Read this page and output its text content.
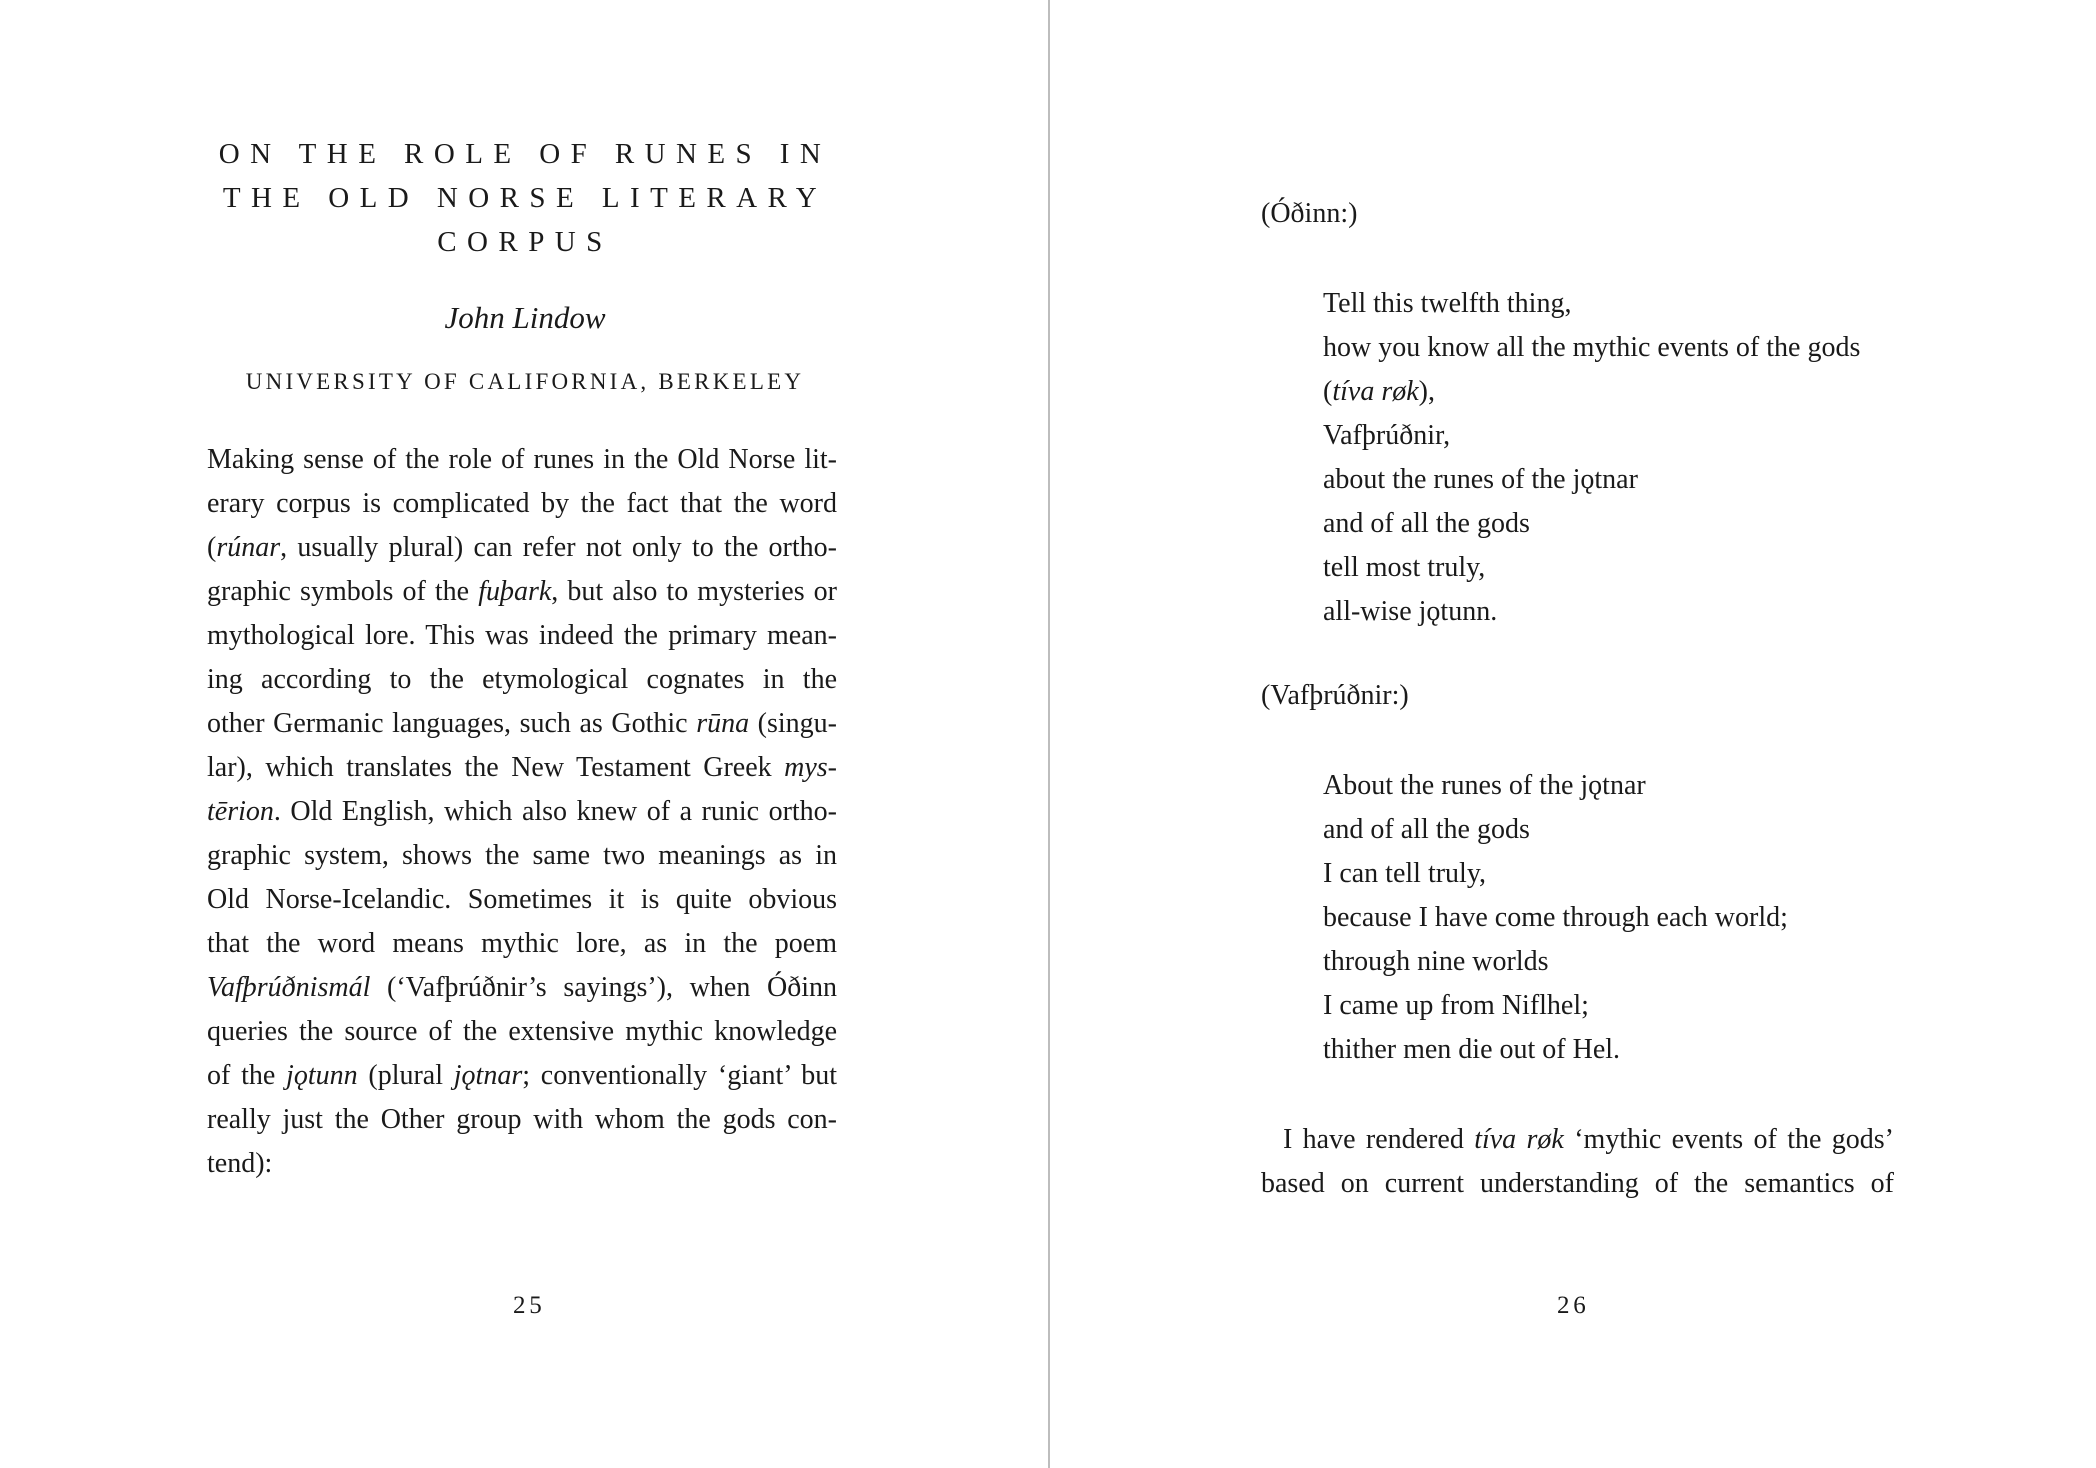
ON THE ROLE OF RUNES IN
THE OLD NORSE LITERARY
CORPUS

John Lindow

UNIVERSITY OF CALIFORNIA, BERKELEY

Making sense of the role of runes in the Old Norse lit-
erary corpus is complicated by the fact that the word
(rúnar, usually plural) can refer not only to the ortho-
graphic symbols of the fuþark, but also to mysteries or
mythological lore. This was indeed the primary mean-
ing according to the etymological cognates in the
other Germanic languages, such as Gothic rūna (singu-
lar), which translates the New Testament Greek mys-
tērion. Old English, which also knew of a runic ortho-
graphic system, shows the same two meanings as in
Old Norse-Icelandic. Sometimes it is quite obvious
that the word means mythic lore, as in the poem
Vafþrúðnismál (‘Vafþrúðnir’s sayings’), when Óðinn
queries the source of the extensive mythic knowledge
of the jǫtunn (plural jǫtnar; conventionally ‘giant’ but
really just the Other group with whom the gods con-
tend):

25

(Óðinn:)

Tell this twelfth thing,
how you know all the mythic events of the gods
(tíva røk),
Vafþrúðnir,
about the runes of the jǫtnar
and of all the gods
tell most truly,
all-wise jǫtunn.

(Vafþrúðnir:)

About the runes of the jǫtnar
and of all the gods
I can tell truly,
because I have come through each world;
through nine worlds
I came up from Niflhel;
thither men die out of Hel.

I have rendered tíva røk ‘mythic events of the gods’
based on current understanding of the semantics of

26
